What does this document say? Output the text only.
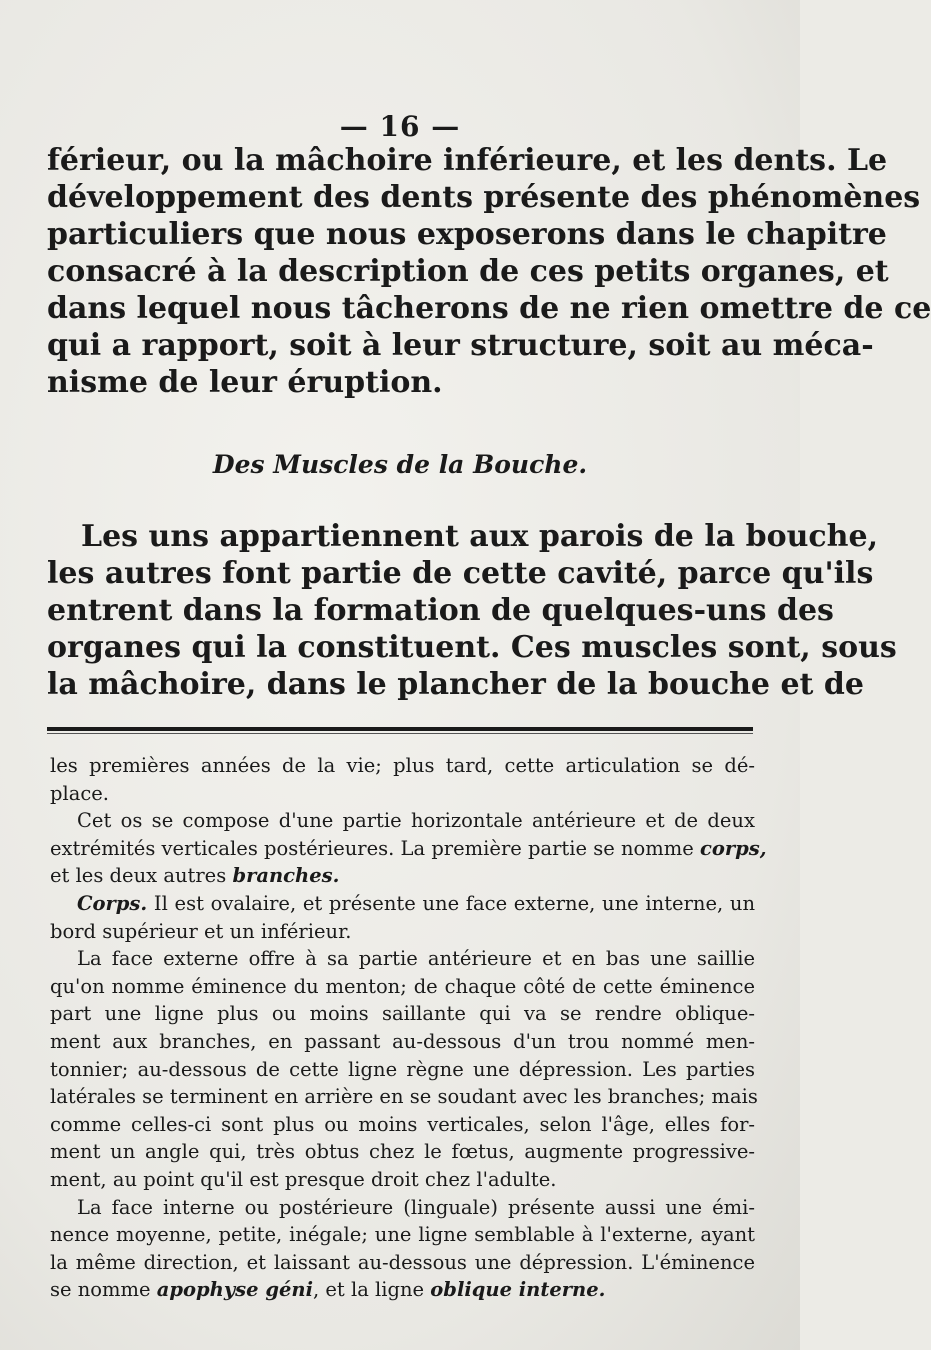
— 16 —
férieur, ou la mâchoire inférieure, et les dents. Le
développement des dents présente des phénomènes
particuliers que nous exposerons dans le chapitre
consacré à la description de ces petits organes, et
dans lequel nous tâcherons de ne rien omettre de ce
qui a rapport, soit à leur structure, soit au méca-
nisme de leur éruption.
Des Muscles de la Bouche.
Les uns appartiennent aux parois de la bouche,
les autres font partie de cette cavité, parce qu'ils
entrent dans la formation de quelques-uns des
organes qui la constituent. Ces muscles sont, sous
la mâchoire, dans le plancher de la bouche et de
les premières années de la vie; plus tard, cette articulation se dé-
place.
Cet os se compose d'une partie horizontale antérieure et de deux
extrémités verticales postérieures. La première partie se nomme corps,
et les deux autres branches.
Corps. Il est ovalaire, et présente une face externe, une interne, un
bord supérieur et un inférieur.
La face externe offre à sa partie antérieure et en bas une saillie
qu'on nomme éminence du menton; de chaque côté de cette éminence
part une ligne plus ou moins saillante qui va se rendre oblique-
ment aux branches, en passant au-dessous d'un trou nommé men-
tonnier; au-dessous de cette ligne règne une dépression. Les parties
latérales se terminent en arrière en se soudant avec les branches; mais
comme celles-ci sont plus ou moins verticales, selon l'âge, elles for-
ment un angle qui, très obtus chez le fœtus, augmente progressive-
ment, au point qu'il est presque droit chez l'adulte.
La face interne ou postérieure (linguale) présente aussi une émi-
nence moyenne, petite, inégale; une ligne semblable à l'externe, ayant
la même direction, et laissant au-dessous une dépression. L'éminence
se nomme apophyse géni, et la ligne oblique interne.
